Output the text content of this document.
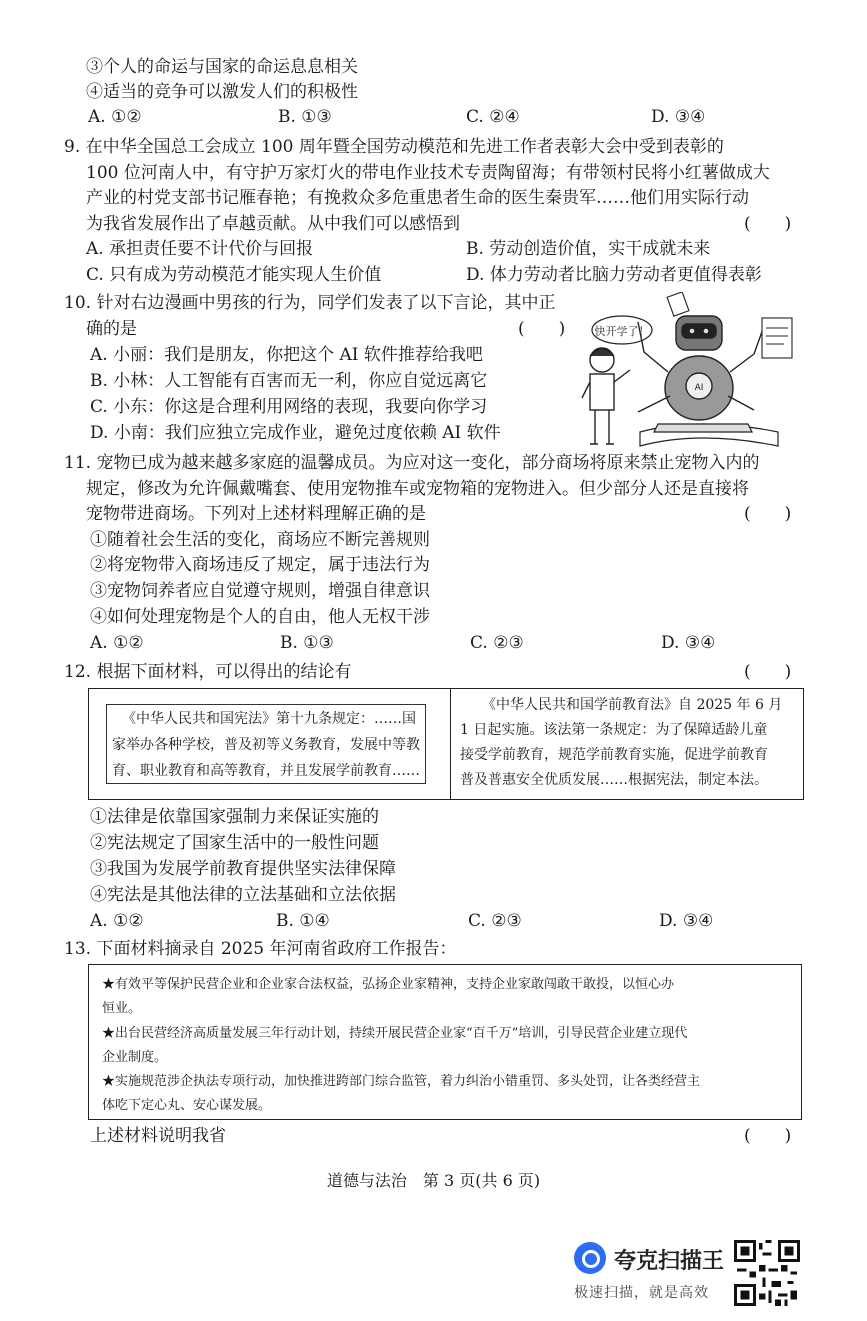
③个人的命运与国家的命运息息相关
④适当的竞争可以激发人们的积极性
A. ①②	B. ①③	C. ②④	D. ③④
9. 在中华全国总工会成立 100 周年暨全国劳动模范和先进工作者表彰大会中受到表彰的
100 位河南人中，有守护万家灯火的带电作业技术专责陶留海；有带领村民将小红薯做成大
产业的村党支部书记雁春艳；有挽救众多危重患者生命的医生秦贵军……他们用实际行动
为我省发展作出了卓越贡献。从中我们可以感悟到	(　　)
A. 承担责任要不计代价与回报	B. 劳动创造价值，实干成就未来
C. 只有成为劳动模范才能实现人生价值	D. 体力劳动者比脑力劳动者更值得表彰
10. 针对右边漫画中男孩的行为，同学们发表了以下言论，其中正
确的是	(　　)
A. 小丽：我们是朋友，你把这个 AI 软件推荐给我吧
B. 小林：人工智能有百害而无一利，你应自觉远离它
C. 小东：你这是合理利用网络的表现，我要向你学习
D. 小南：我们应独立完成作业，避免过度依赖 AI 软件
快开学了！
AI
11. 宠物已成为越来越多家庭的温馨成员。为应对这一变化，部分商场将原来禁止宠物入内的
规定，修改为允许佩戴嘴套、使用宠物推车或宠物箱的宠物进入。但少部分人还是直接将
宠物带进商场。下列对上述材料理解正确的是	(　　)
①随着社会生活的变化，商场应不断完善规则
②将宠物带入商场违反了规定，属于违法行为
③宠物饲养者应自觉遵守规则，增强自律意识
④如何处理宠物是个人的自由，他人无权干涉
A. ①②	B. ①③	C. ②③	D. ③④
12. 根据下面材料，可以得出的结论有	(　　)
《中华人民共和国宪法》第十九条规定：……国
家举办各种学校，普及初等义务教育，发展中等教
育、职业教育和高等教育，并且发展学前教育……
《中华人民共和国学前教育法》自 2025 年 6 月
1 日起实施。该法第一条规定：为了保障适龄儿童
接受学前教育，规范学前教育实施，促进学前教育
普及普惠安全优质发展……根据宪法，制定本法。
①法律是依靠国家强制力来保证实施的
②宪法规定了国家生活中的一般性问题
③我国为发展学前教育提供坚实法律保障
④宪法是其他法律的立法基础和立法依据
A. ①②	B. ①④	C. ②③	D. ③④
13. 下面材料摘录自 2025 年河南省政府工作报告：
★有效平等保护民营企业和企业家合法权益，弘扬企业家精神，支持企业家敢闯敢干敢投，以恒心办
恒业。
★出台民营经济高质量发展三年行动计划，持续开展民营企业家“百千万”培训，引导民营企业建立现代
企业制度。
★实施规范涉企执法专项行动，加快推进跨部门综合监管，着力纠治小错重罚、多头处罚，让各类经营主
体吃下定心丸、安心谋发展。
上述材料说明我省	(　　)
道德与法治　第 3 页(共 6 页)
夸克扫描王
极速扫描，就是高效
